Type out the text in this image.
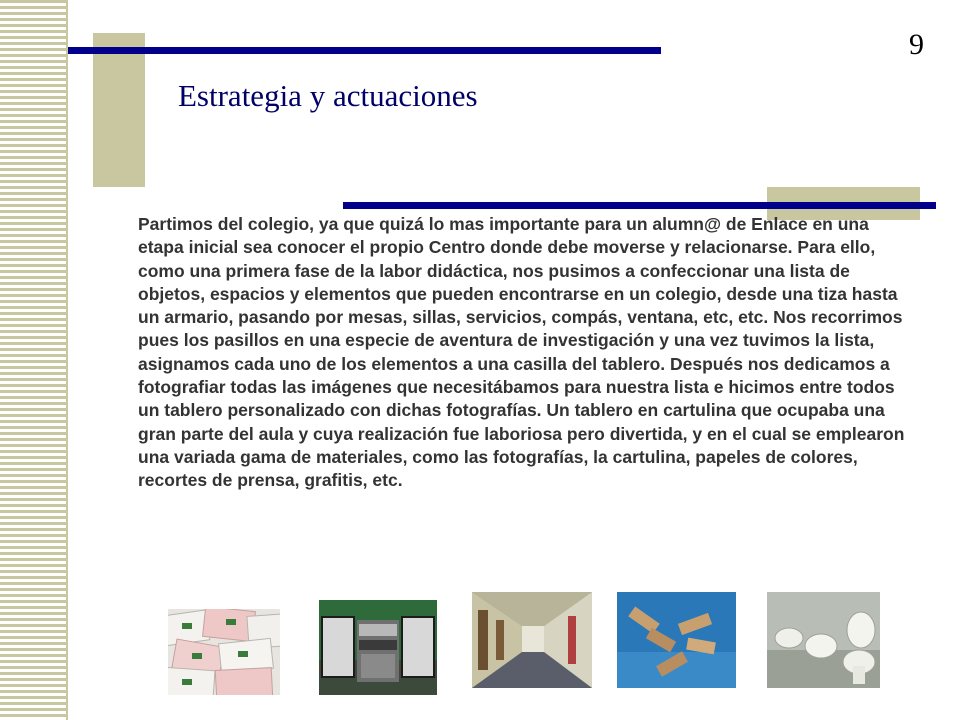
9
Estrategia y actuaciones

Partimos del colegio, ya que quizá lo mas importante para un alumn@ de Enlace en una etapa inicial sea conocer el propio Centro donde debe moverse y relacionarse. Para ello, como una primera fase de la labor didáctica, nos pusimos a confeccionar una lista de objetos, espacios y elementos que pueden encontrarse en un colegio, desde una tiza hasta un armario, pasando por mesas, sillas, servicios, compás, ventana, etc, etc. Nos recorrimos pues los pasillos en una especie de aventura de investigación y una vez tuvimos la lista, asignamos cada uno de los elementos a una casilla del tablero. Después nos dedicamos a fotografiar todas las imágenes que necesitábamos para nuestra lista e hicimos entre todos un tablero personalizado con dichas fotografías. Un tablero en cartulina que ocupaba una gran parte del aula y cuya realización fue laboriosa pero divertida, y en el cual se emplearon una variada gama de materiales, como las fotografías, la cartulina, papeles de colores, recortes de prensa, grafitis, etc.
